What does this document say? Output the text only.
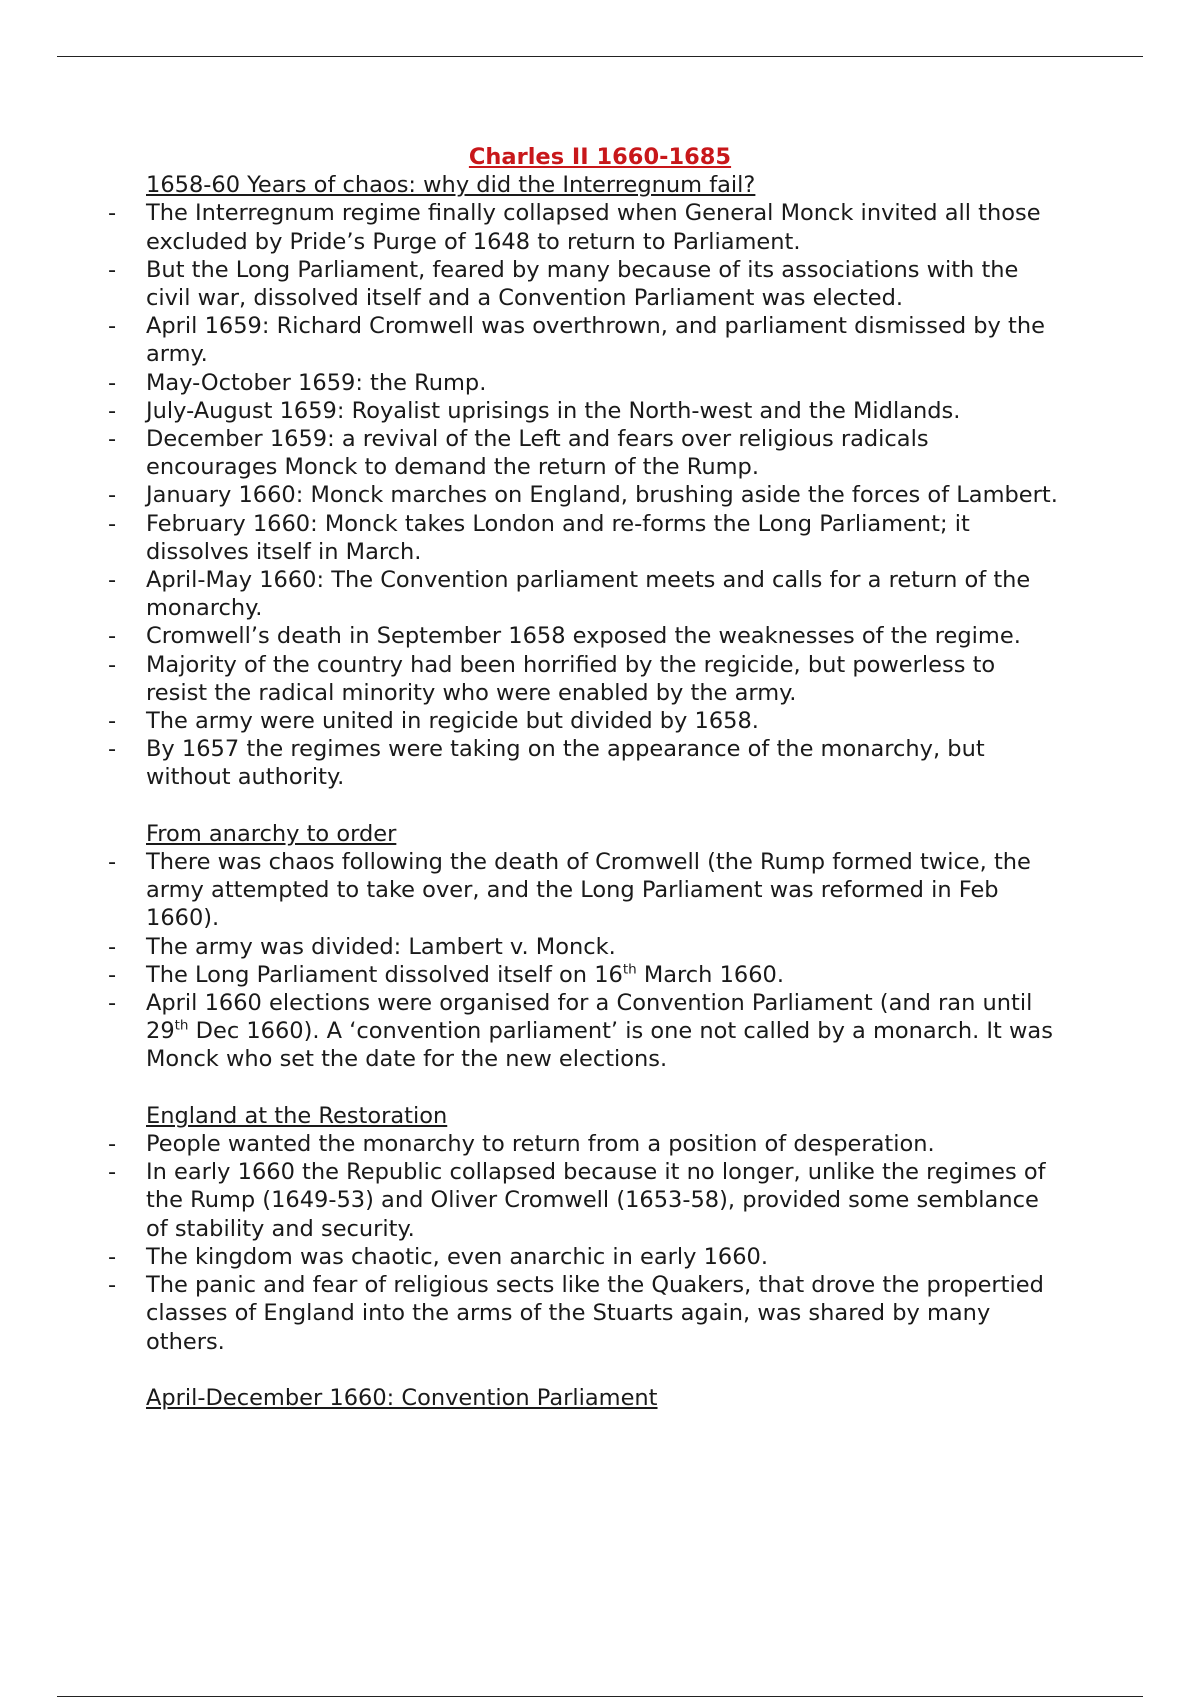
Charles II 1660-1685
1658-60 Years of chaos: why did the Interregnum fail?
- The Interregnum regime finally collapsed when General Monck invited all those excluded by Pride’s Purge of 1648 to return to Parliament.
- But the Long Parliament, feared by many because of its associations with the civil war, dissolved itself and a Convention Parliament was elected.
- April 1659: Richard Cromwell was overthrown, and parliament dismissed by the army.
- May-October 1659: the Rump.
- July-August 1659: Royalist uprisings in the North-west and the Midlands.
- December 1659: a revival of the Left and fears over religious radicals encourages Monck to demand the return of the Rump.
- January 1660: Monck marches on England, brushing aside the forces of Lambert.
- February 1660: Monck takes London and re-forms the Long Parliament; it dissolves itself in March.
- April-May 1660: The Convention parliament meets and calls for a return of the monarchy.
- Cromwell’s death in September 1658 exposed the weaknesses of the regime.
- Majority of the country had been horrified by the regicide, but powerless to resist the radical minority who were enabled by the army.
- The army were united in regicide but divided by 1658.
- By 1657 the regimes were taking on the appearance of the monarchy, but without authority.
From anarchy to order
- There was chaos following the death of Cromwell (the Rump formed twice, the army attempted to take over, and the Long Parliament was reformed in Feb 1660).
- The army was divided: Lambert v. Monck.
- The Long Parliament dissolved itself on 16th March 1660.
- April 1660 elections were organised for a Convention Parliament (and ran until 29th Dec 1660). A ‘convention parliament’ is one not called by a monarch. It was Monck who set the date for the new elections.
England at the Restoration
- People wanted the monarchy to return from a position of desperation.
- In early 1660 the Republic collapsed because it no longer, unlike the regimes of the Rump (1649-53) and Oliver Cromwell (1653-58), provided some semblance of stability and security.
- The kingdom was chaotic, even anarchic in early 1660.
- The panic and fear of religious sects like the Quakers, that drove the propertied classes of England into the arms of the Stuarts again, was shared by many others.
April-December 1660: Convention Parliament
